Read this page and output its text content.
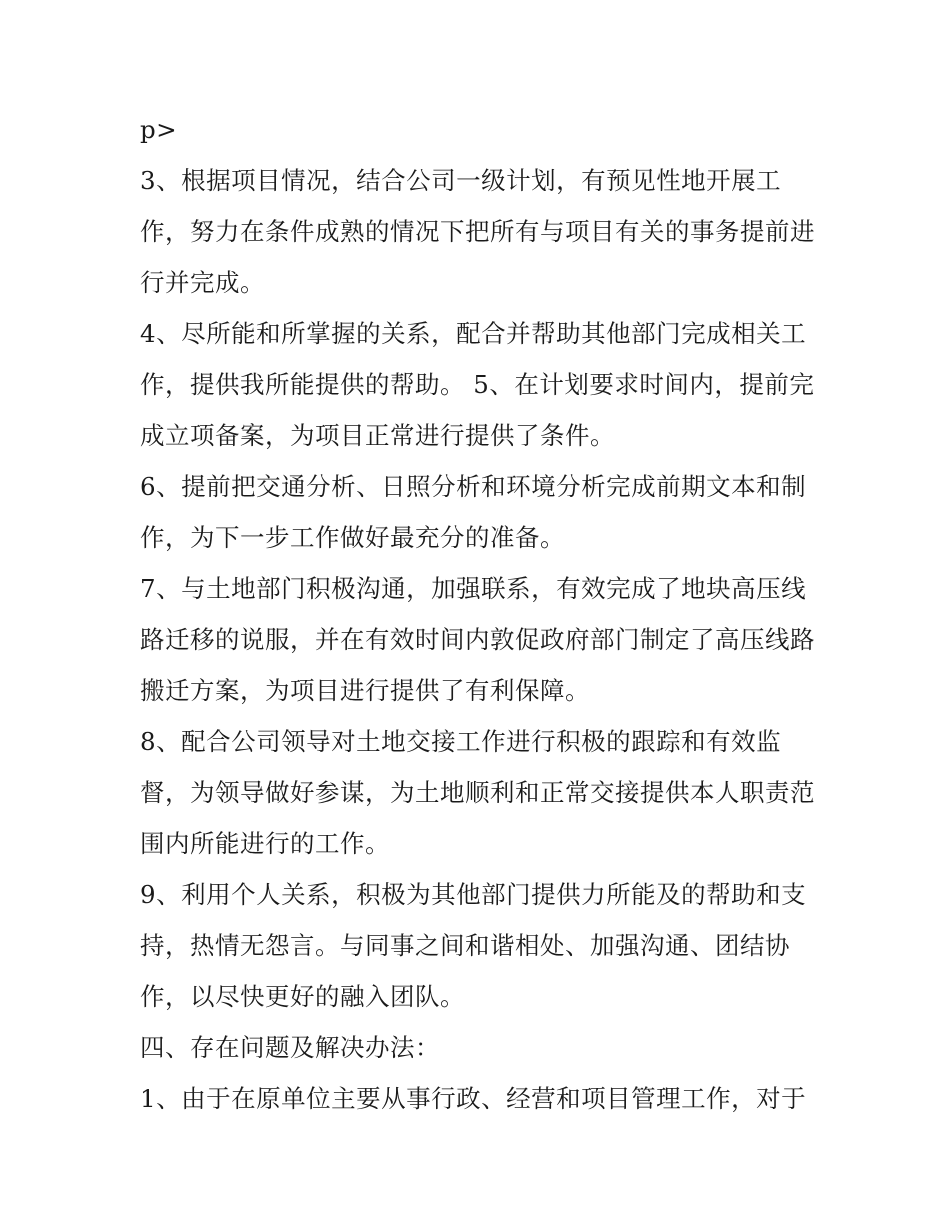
p>
3、根据项目情况，结合公司一级计划，有预见性地开展工
作，努力在条件成熟的情况下把所有与项目有关的事务提前进
行并完成。
4、尽所能和所掌握的关系，配合并帮助其他部门完成相关工
作，提供我所能提供的帮助。 5、在计划要求时间内，提前完
成立项备案，为项目正常进行提供了条件。
6、提前把交通分析、日照分析和环境分析完成前期文本和制
作，为下一步工作做好最充分的准备。
7、与土地部门积极沟通，加强联系，有效完成了地块高压线
路迁移的说服，并在有效时间内敦促政府部门制定了高压线路
搬迁方案，为项目进行提供了有利保障。
8、配合公司领导对土地交接工作进行积极的跟踪和有效监
督，为领导做好参谋，为土地顺利和正常交接提供本人职责范
围内所能进行的工作。
9、利用个人关系，积极为其他部门提供力所能及的帮助和支
持，热情无怨言。与同事之间和谐相处、加强沟通、团结协
作，以尽快更好的融入团队。
四、存在问题及解决办法：
1、由于在原单位主要从事行政、经营和项目管理工作，对于
